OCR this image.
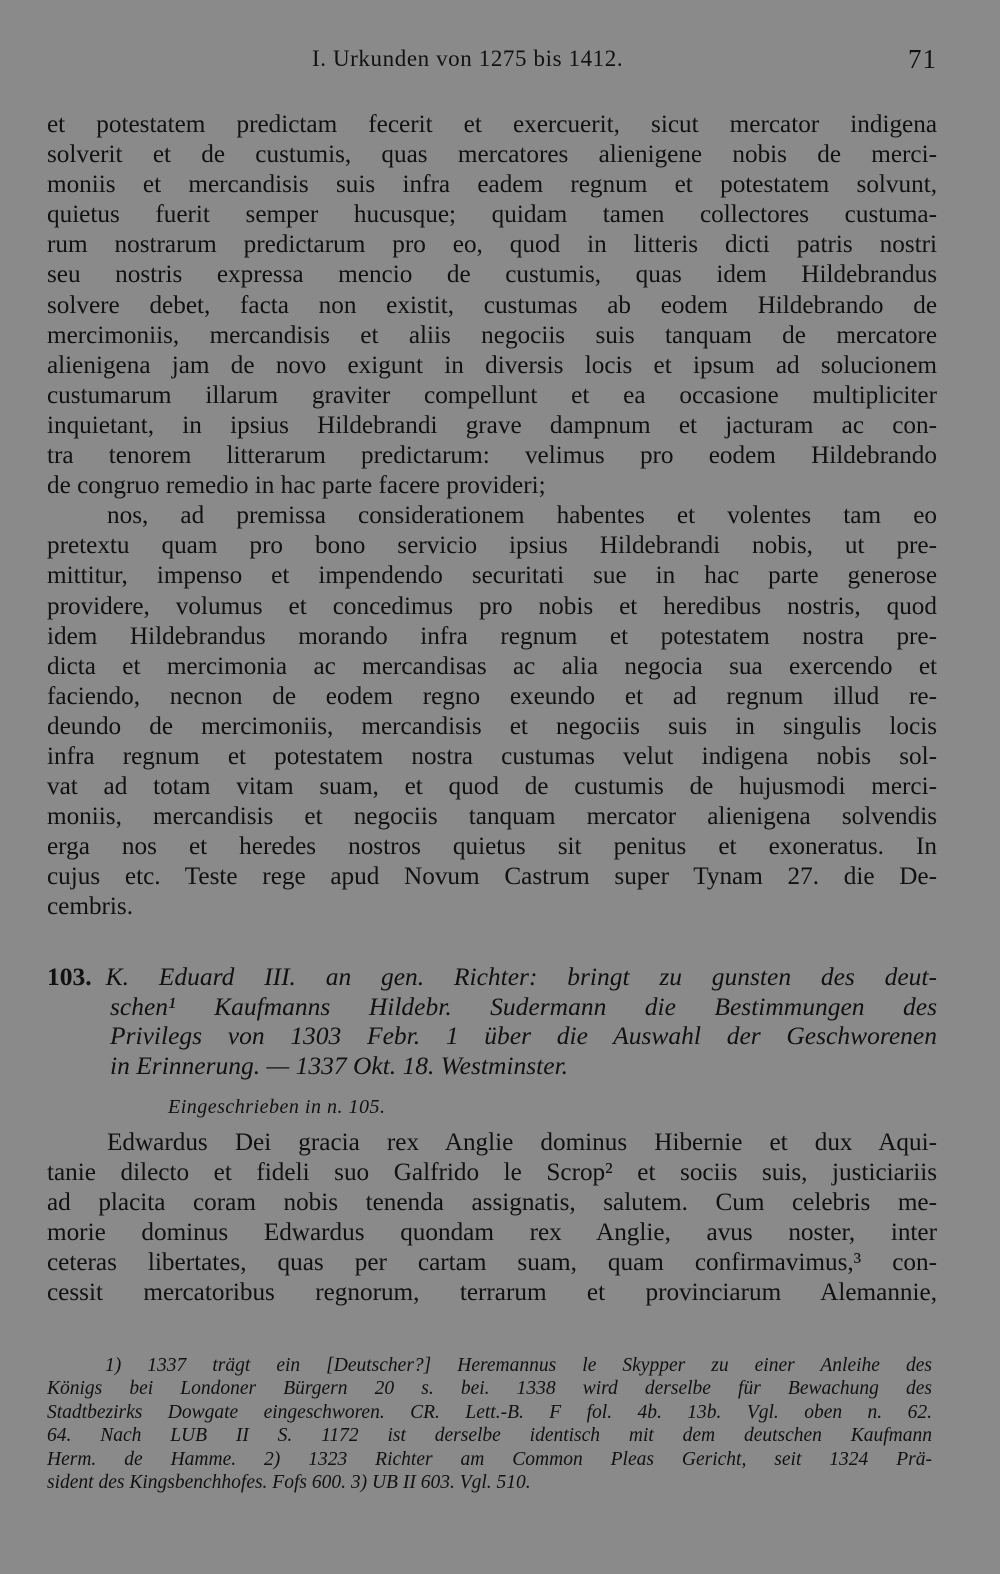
I. Urkunden von 1275 bis 1412.	71
et potestatem predictam fecerit et exercuerit, sicut mercator indigena
solverit et de custumis, quas mercatores alienigene nobis de merci-
moniis et mercandisis suis infra eadem regnum et potestatem solvunt,
quietus fuerit semper hucusque; quidam tamen collectores custuma-
rum nostrarum predictarum pro eo, quod in litteris dicti patris nostri
seu nostris expressa mencio de custumis, quas idem Hildebrandus
solvere debet, facta non existit, custumas ab eodem Hildebrando de
mercimoniis, mercandisis et aliis negociis suis tanquam de mercatore
alienigena jam de novo exigunt in diversis locis et ipsum ad solucionem
custumarum illarum graviter compellunt et ea occasione multipliciter
inquietant, in ipsius Hildebrandi grave dampnum et jacturam ac con-
tra tenorem litterarum predictarum: velimus pro eodem Hildebrando
de congruo remedio in hac parte facere provideri;
nos, ad premissa considerationem habentes et volentes tam eo
pretextu quam pro bono servicio ipsius Hildebrandi nobis, ut pre-
mittitur, impenso et impendendo securitati sue in hac parte generose
providere, volumus et concedimus pro nobis et heredibus nostris, quod
idem Hildebrandus morando infra regnum et potestatem nostra pre-
dicta et mercimonia ac mercandisas ac alia negocia sua exercendo et
faciendo, necnon de eodem regno exeundo et ad regnum illud re-
deundo de mercimoniis, mercandisis et negociis suis in singulis locis
infra regnum et potestatem nostra custumas velut indigena nobis sol-
vat ad totam vitam suam, et quod de custumis de hujusmodi merci-
moniis, mercandisis et negociis tanquam mercator alienigena solvendis
erga nos et heredes nostros quietus sit penitus et exoneratus. In
cujus etc. Teste rege apud Novum Castrum super Tynam 27. die De-
cembris.
103. K. Eduard III. an gen. Richter: bringt zu gunsten des deut-
schen¹ Kaufmanns Hildebr. Sudermann die Bestimmungen des
Privilegs von 1303 Febr. 1 über die Auswahl der Geschworenen
in Erinnerung. — 1337 Okt. 18. Westminster.
Eingeschrieben in n. 105.
Edwardus Dei gracia rex Anglie dominus Hibernie et dux Aqui-
tanie dilecto et fideli suo Galfrido le Scrop² et sociis suis, justiciariis
ad placita coram nobis tenenda assignatis, salutem. Cum celebris me-
morie dominus Edwardus quondam rex Anglie, avus noster, inter
ceteras libertates, quas per cartam suam, quam confirmavimus,³ con-
cessit mercatoribus regnorum, terrarum et provinciarum Alemannie,
1) 1337 trägt ein [Deutscher?] Heremannus le Skypper zu einer Anleihe des
Königs bei Londoner Bürgern 20 s. bei. 1338 wird derselbe für Bewachung des
Stadtbezirks Dowgate eingeschworen. CR. Lett.-B. F fol. 4b. 13b. Vgl. oben n. 62.
64. Nach LUB II S. 1172 ist derselbe identisch mit dem deutschen Kaufmann
Herm. de Hamme. 2) 1323 Richter am Common Pleas Gericht, seit 1324 Prä-
sident des Kingsbenchhofes. Fofs 600. 3) UB II 603. Vgl. 510.
